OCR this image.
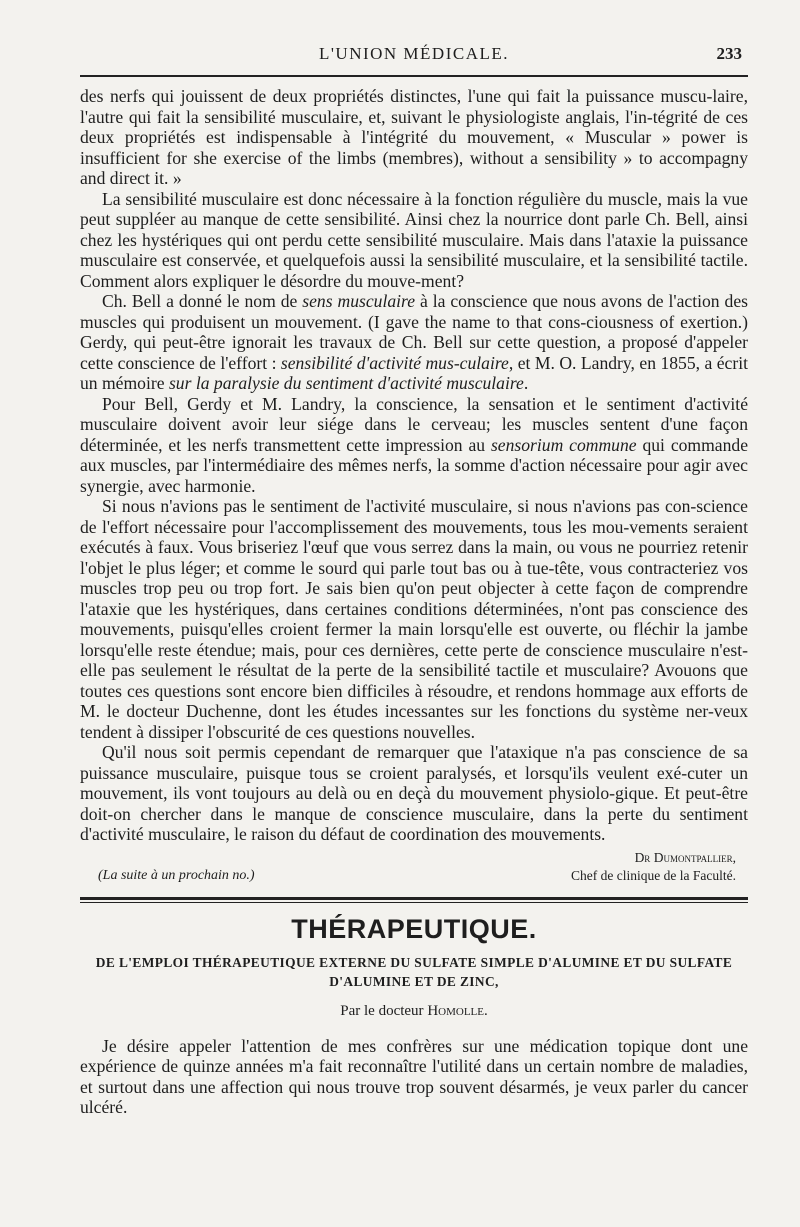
L'UNION MÉDICALE.	233

des nerfs qui jouissent de deux propriétés distinctes, l'une qui fait la puissance muscu-laire, l'autre qui fait la sensibilité musculaire, et, suivant le physiologiste anglais, l'in-tégrité de ces deux propriétés est indispensable à l'intégrité du mouvement, « Muscular » power is insufficient for she exercise of the limbs (membres), without a sensibility » to accompagny and direct it. »

La sensibilité musculaire est donc nécessaire à la fonction régulière du muscle, mais la vue peut suppléer au manque de cette sensibilité. Ainsi chez la nourrice dont parle Ch. Bell, ainsi chez les hystériques qui ont perdu cette sensibilité musculaire. Mais dans l'ataxie la puissance musculaire est conservée, et quelquefois aussi la sensibilité musculaire, et la sensibilité tactile. Comment alors expliquer le désordre du mouve-ment?

Ch. Bell a donné le nom de sens musculaire à la conscience que nous avons de l'action des muscles qui produisent un mouvement. (I gave the name to that cons-ciousness of exertion.) Gerdy, qui peut-être ignorait les travaux de Ch. Bell sur cette question, a proposé d'appeler cette conscience de l'effort : sensibilité d'activité mus-culaire, et M. O. Landry, en 1855, a écrit un mémoire sur la paralysie du sentiment d'activité musculaire.

Pour Bell, Gerdy et M. Landry, la conscience, la sensation et le sentiment d'activité musculaire doivent avoir leur siége dans le cerveau; les muscles sentent d'une façon déterminée, et les nerfs transmettent cette impression au sensorium commune qui commande aux muscles, par l'intermédiaire des mêmes nerfs, la somme d'action nécessaire pour agir avec synergie, avec harmonie.

Si nous n'avions pas le sentiment de l'activité musculaire, si nous n'avions pas con-science de l'effort nécessaire pour l'accomplissement des mouvements, tous les mou-vements seraient exécutés à faux. Vous briseriez l'œuf que vous serrez dans la main, ou vous ne pourriez retenir l'objet le plus léger; et comme le sourd qui parle tout bas ou à tue-tête, vous contracteriez vos muscles trop peu ou trop fort. Je sais bien qu'on peut objecter à cette façon de comprendre l'ataxie que les hystériques, dans certaines conditions déterminées, n'ont pas conscience des mouvements, puisqu'elles croient fermer la main lorsqu'elle est ouverte, ou fléchir la jambe lorsqu'elle reste étendue; mais, pour ces dernières, cette perte de conscience musculaire n'est-elle pas seulement le résultat de la perte de la sensibilité tactile et musculaire? Avouons que toutes ces questions sont encore bien difficiles à résoudre, et rendons hommage aux efforts de M. le docteur Duchenne, dont les études incessantes sur les fonctions du système ner-veux tendent à dissiper l'obscurité de ces questions nouvelles.

Qu'il nous soit permis cependant de remarquer que l'ataxique n'a pas conscience de sa puissance musculaire, puisque tous se croient paralysés, et lorsqu'ils veulent exé-cuter un mouvement, ils vont toujours au delà ou en deçà du mouvement physiolo-gique. Et peut-être doit-on chercher dans le manque de conscience musculaire, dans la perte du sentiment d'activité musculaire, le raison du défaut de coordination des mouvements.

(La suite à un prochain no.)
Dr Dumontpallier,
Chef de clinique de la Faculté.
THÉRAPEUTIQUE.
DE L'EMPLOI THÉRAPEUTIQUE EXTERNE DU SULFATE SIMPLE D'ALUMINE ET DU SULFATE D'ALUMINE ET DE ZINC,
Par le docteur Homolle.

Je désire appeler l'attention de mes confrères sur une médication topique dont une expérience de quinze années m'a fait reconnaître l'utilité dans un certain nombre de maladies, et surtout dans une affection qui nous trouve trop souvent désarmés, je veux parler du cancer ulcéré.
